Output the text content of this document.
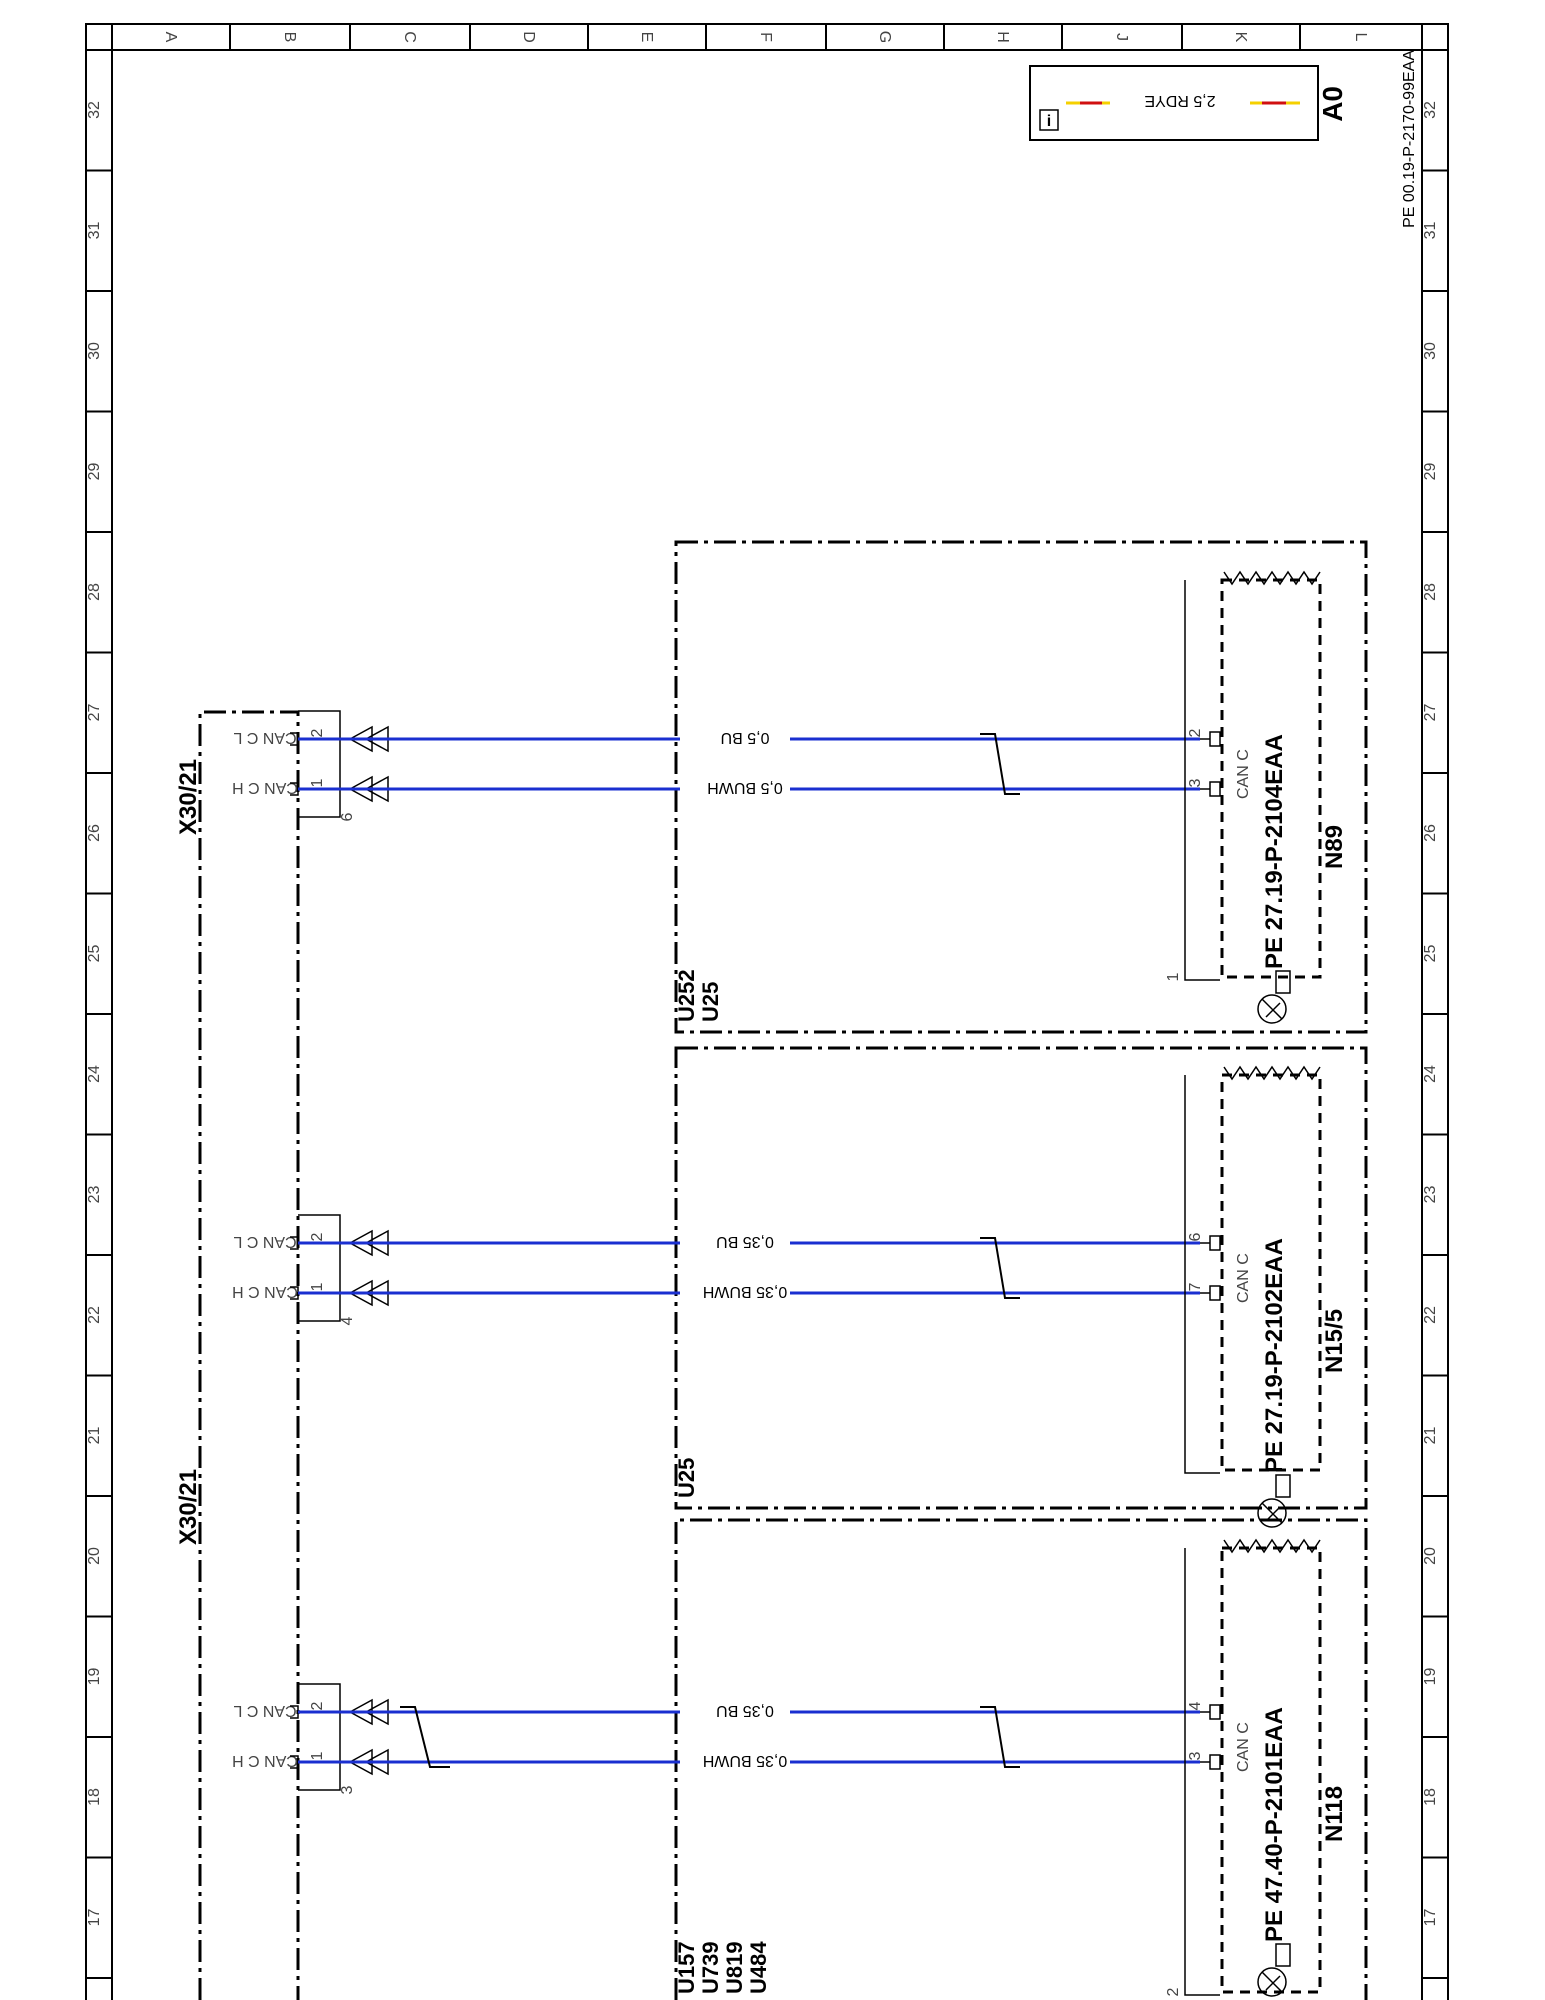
A	B	C	D	E	F	G	H	J	K	L
32	32
31	31
30	30
29	29
28	28
27	27
26	26
25	25
24	24
23	23
22	22
21	21
20	20
19	19
18	18
17	17
i
2,5 RDYE	A0	PE 00.19-P-2170-99EAA
X30/21
X30/21
6
CAN C L 2	0,5 BU	2
CAN C H 1	0,5 BUWH	3 CAN C PE 27.19-P-2104EAA N89
1
U252 U25
4
CAN C L 2	0,35 BU	6
CAN C H 1	0,35 BUWH	7 CAN C PE 27.19-P-2102EAA N15/5
U25
3
CAN C L 2	0,35 BU	4
CAN C H 1	0,35 BUWH	3 CAN C PE 47.40-P-2101EAA N118
2
U157 U739 U819 U484
